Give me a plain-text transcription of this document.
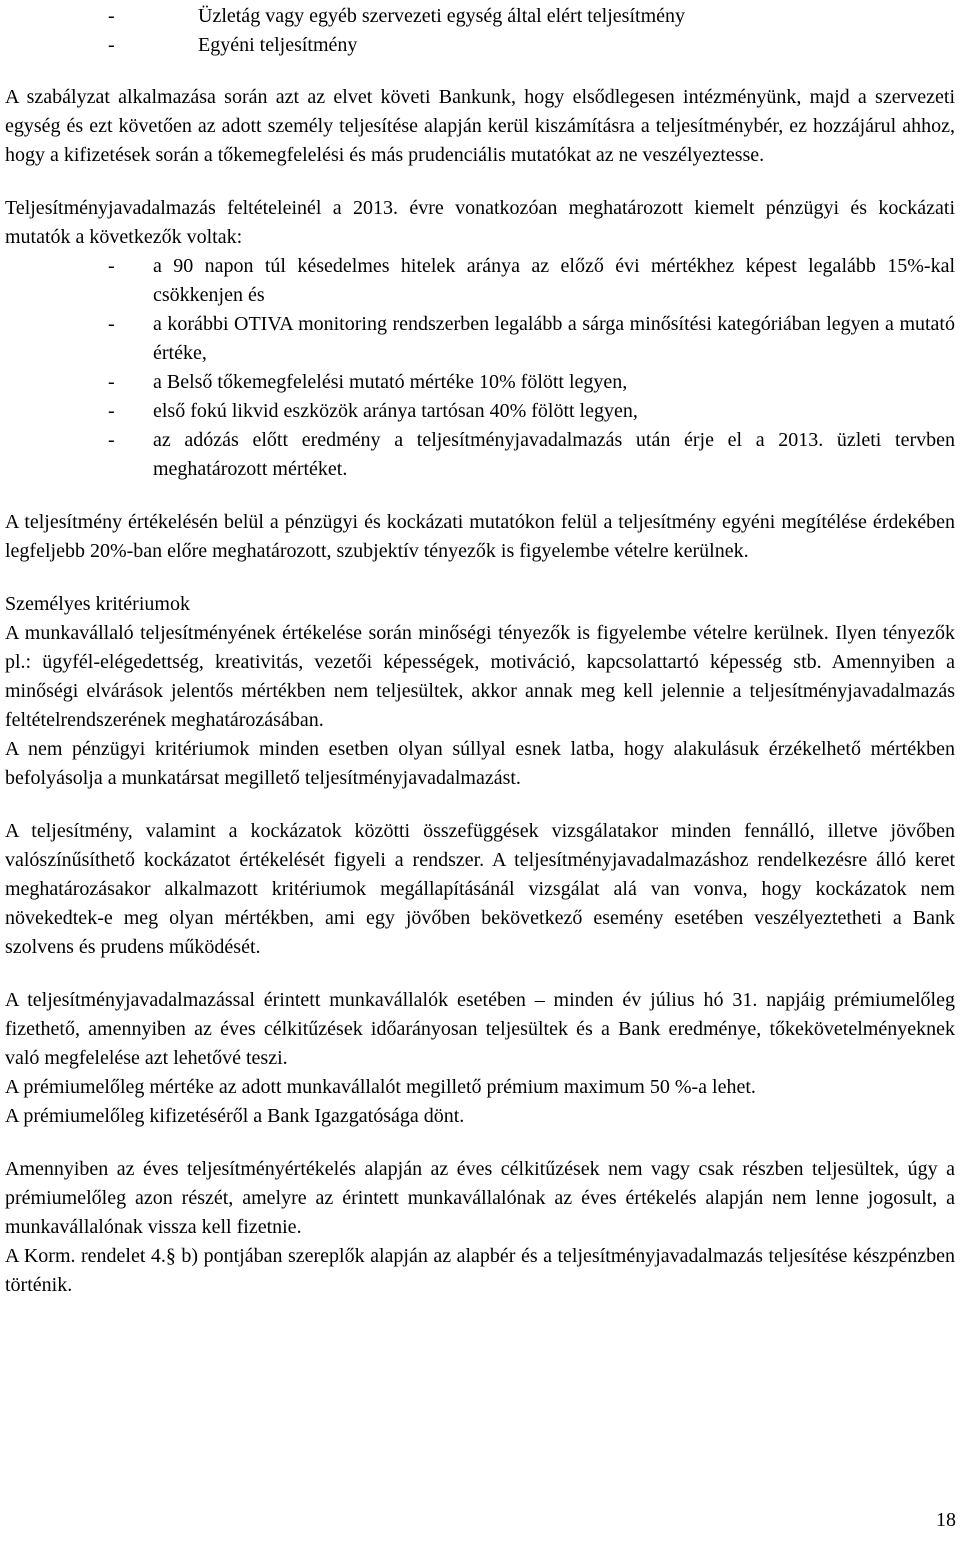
-	Üzletág vagy egyéb szervezeti egység által elért teljesítmény
-	Egyéni teljesítmény

A szabályzat alkalmazása során azt az elvet követi Bankunk, hogy elsődlegesen intézményünk, majd a szervezeti egység és ezt követően az adott személy teljesítése alapján kerül kiszámításra a teljesítménybér, ez hozzájárul ahhoz, hogy a kifizetések során a tőkemegfelelési és más prudenciális mutatókat az ne veszélyeztesse.

Teljesítményjavadalmazás feltételeinél a 2013. évre vonatkozóan meghatározott kiemelt pénzügyi és kockázati mutatók a következők voltak:

- a 90 napon túl késedelmes hitelek aránya az előző évi mértékhez képest legalább 15%-kal csökkenjen és
- a korábbi OTIVA monitoring rendszerben legalább a sárga minősítési kategóriában legyen a mutató értéke,
- a Belső tőkemegfelelési mutató mértéke 10% fölött legyen,
- első fokú likvid eszközök aránya tartósan 40% fölött legyen,
- az adózás előtt eredmény a teljesítményjavadalmazás után érje el a 2013. üzleti tervben meghatározott mértéket.

A teljesítmény értékelésén belül a pénzügyi és kockázati mutatókon felül a teljesítmény egyéni megítélése érdekében legfeljebb 20%-ban előre meghatározott, szubjektív tényezők is figyelembe vételre kerülnek.

Személyes kritériumok

A munkavállaló teljesítményének értékelése során minőségi tényezők is figyelembe vételre kerülnek. Ilyen tényezők pl.: ügyfél-elégedettség, kreativitás, vezetői képességek, motiváció, kapcsolattartó képesség stb. Amennyiben a minőségi elvárások jelentős mértékben nem teljesültek, akkor annak meg kell jelennie a teljesítményjavadalmazás feltételrendszerének meghatározásában.

A nem pénzügyi kritériumok minden esetben olyan súllyal esnek latba, hogy alakulásuk érzékelhető mértékben befolyásolja a munkatársat megillető teljesítményjavadalmazást.

A teljesítmény, valamint a kockázatok közötti összefüggések vizsgálatakor minden fennálló, illetve jövőben valószínűsíthető kockázatot értékelését figyeli a rendszer. A teljesítményjavadalmazáshoz rendelkezésre álló keret meghatározásakor alkalmazott kritériumok megállapításánál vizsgálat alá van vonva, hogy kockázatok nem növekedtek-e meg olyan mértékben, ami egy jövőben bekövetkező esemény esetében veszélyeztetheti a Bank szolvens és prudens működését.

A teljesítményjavadalmazással érintett munkavállalók esetében – minden év július hó 31. napjáig prémiumelőleg fizethető, amennyiben az éves célkitűzések időarányosan teljesültek és a Bank eredménye, tőkekövetelményeknek való megfelelése azt lehetővé teszi.

A prémiumelőleg mértéke az adott munkavállalót megillető prémium maximum 50 %-a lehet.

A prémiumelőleg kifizetéséről a Bank Igazgatósága dönt.

Amennyiben az éves teljesítményértékelés alapján az éves célkitűzések nem vagy csak részben teljesültek, úgy a prémiumelőleg azon részét, amelyre az érintett munkavállalónak az éves értékelés alapján nem lenne jogosult, a munkavállalónak vissza kell fizetnie.

A Korm. rendelet 4.§ b) pontjában szereplők alapján az alapbér és a teljesítményjavadalmazás teljesítése készpénzben történik.

18
